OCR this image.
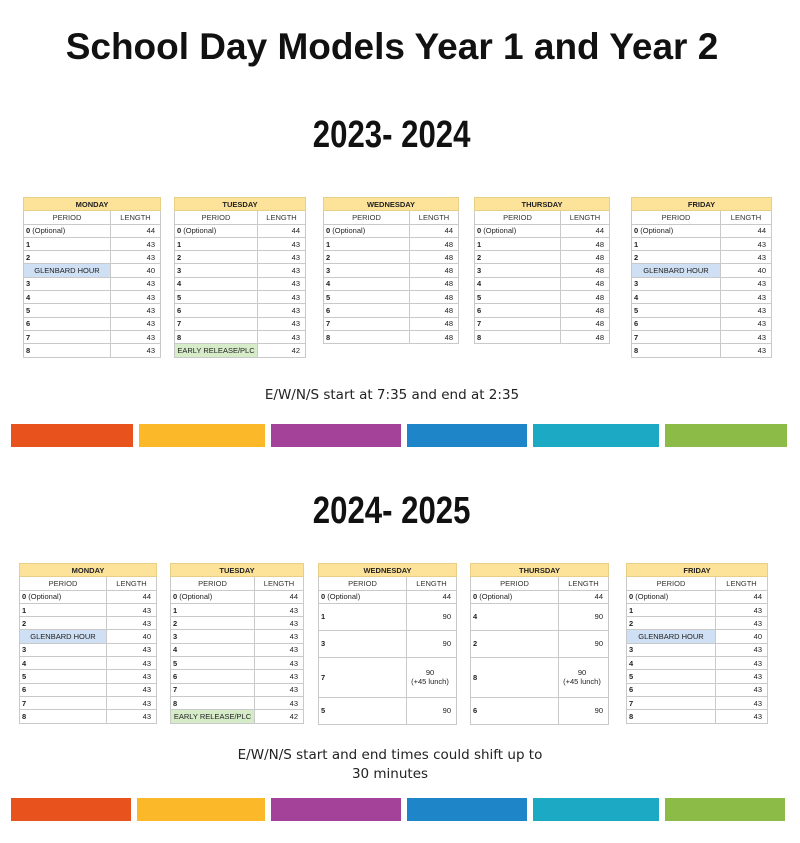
School Day Models Year 1 and Year 2
2023- 2024
MONDAY	
PERIOD	LENGTH
0 (Optional)	44
1	43
2	43
GLENBARD HOUR	40
3	43
4	43
5	43
6	43
7	43
8	43
TUESDAY	
PERIOD	LENGTH
0 (Optional)	44
1	43
2	43
3	43
4	43
5	43
6	43
7	43
8	43
EARLY RELEASE/PLC	42
WEDNESDAY	
PERIOD	LENGTH
0 (Optional)	44
1	48
2	48
3	48
4	48
5	48
6	48
7	48
8	48
THURSDAY	
PERIOD	LENGTH
0 (Optional)	44
1	48
2	48
3	48
4	48
5	48
6	48
7	48
8	48
FRIDAY	
PERIOD	LENGTH
0 (Optional)	44
1	43
2	43
GLENBARD HOUR	40
3	43
4	43
5	43
6	43
7	43
8	43
E/W/N/S start at 7:35 and end at 2:35
2024- 2025
MONDAY	
PERIOD	LENGTH
0 (Optional)	44
1	43
2	43
GLENBARD HOUR	40
3	43
4	43
5	43
6	43
7	43
8	43
TUESDAY	
PERIOD	LENGTH
0 (Optional)	44
1	43
2	43
3	43
4	43
5	43
6	43
7	43
8	43
EARLY RELEASE/PLC	42
WEDNESDAY	
PERIOD	LENGTH
0 (Optional)	44
1	90
3	90
7	90
(+45 lunch)

5	90
THURSDAY	
PERIOD	LENGTH
0 (Optional)	44
4	90
2	90
8	90
(+45 lunch)

6	90
FRIDAY	
PERIOD	LENGTH
0 (Optional)	44
1	43
2	43
GLENBARD HOUR	40
3	43
4	43
5	43
6	43
7	43
8	43
E/W/N/S start and end times could shift up to 30 minutes
